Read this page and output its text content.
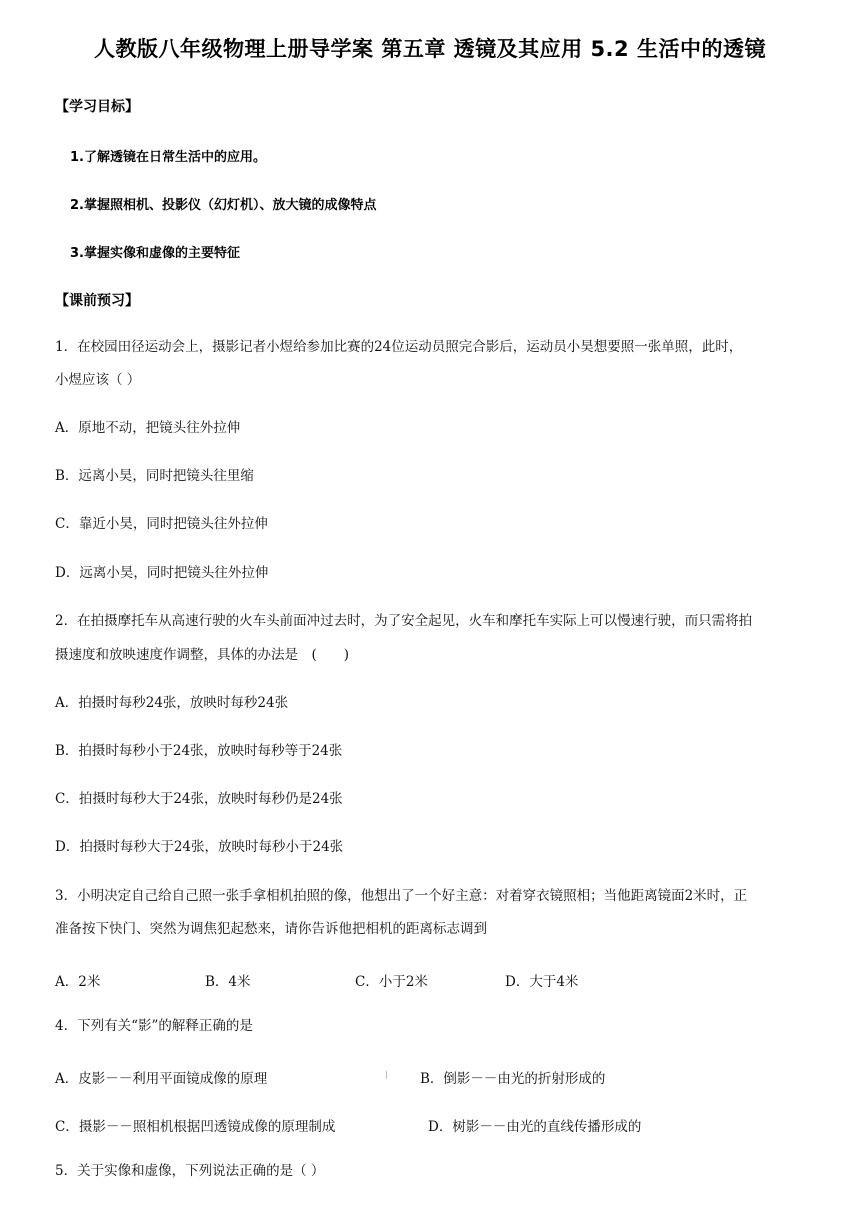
人教版八年级物理上册导学案 第五章 透镜及其应用 5.2 生活中的透镜
【学习目标】
1.了解透镜在日常生活中的应用。
2.掌握照相机、投影仪（幻灯机）、放大镜的成像特点
3.掌握实像和虚像的主要特征
【课前预习】
1．在校园田径运动会上，摄影记者小煜给参加比赛的24位运动员照完合影后，运动员小昊想要照一张单照，此时，
小煜应该（ ）
A．原地不动，把镜头往外拉伸
B．远离小昊，同时把镜头往里缩
C．靠近小昊，同时把镜头往外拉伸
D．远离小昊，同时把镜头往外拉伸
2．在拍摄摩托车从高速行驶的火车头前面冲过去时，为了安全起见，火车和摩托车实际上可以慢速行驶，而只需将拍
摄速度和放映速度作调整，具体的办法是　(　　)
A．拍摄时每秒24张，放映时每秒24张
B．拍摄时每秒小于24张，放映时每秒等于24张
C．拍摄时每秒大于24张，放映时每秒仍是24张
D．拍摄时每秒大于24张，放映时每秒小于24张
3．小明决定自己给自己照一张手拿相机拍照的像，他想出了一个好主意：对着穿衣镜照相；当他距离镜面2米时，正
准备按下快门、突然为调焦犯起愁来，请你告诉他把相机的距离标志调到
A．2米	B．4米	C．小于2米	D．大于4米
4．下列有关“影”的解释正确的是
A．皮影－－利用平面镜成像的原理	B．倒影－－由光的折射形成的
C．摄影－－照相机根据凹透镜成像的原理制成	D．树影－－由光的直线传播形成的
5．关于实像和虚像，下列说法正确的是（ ）
